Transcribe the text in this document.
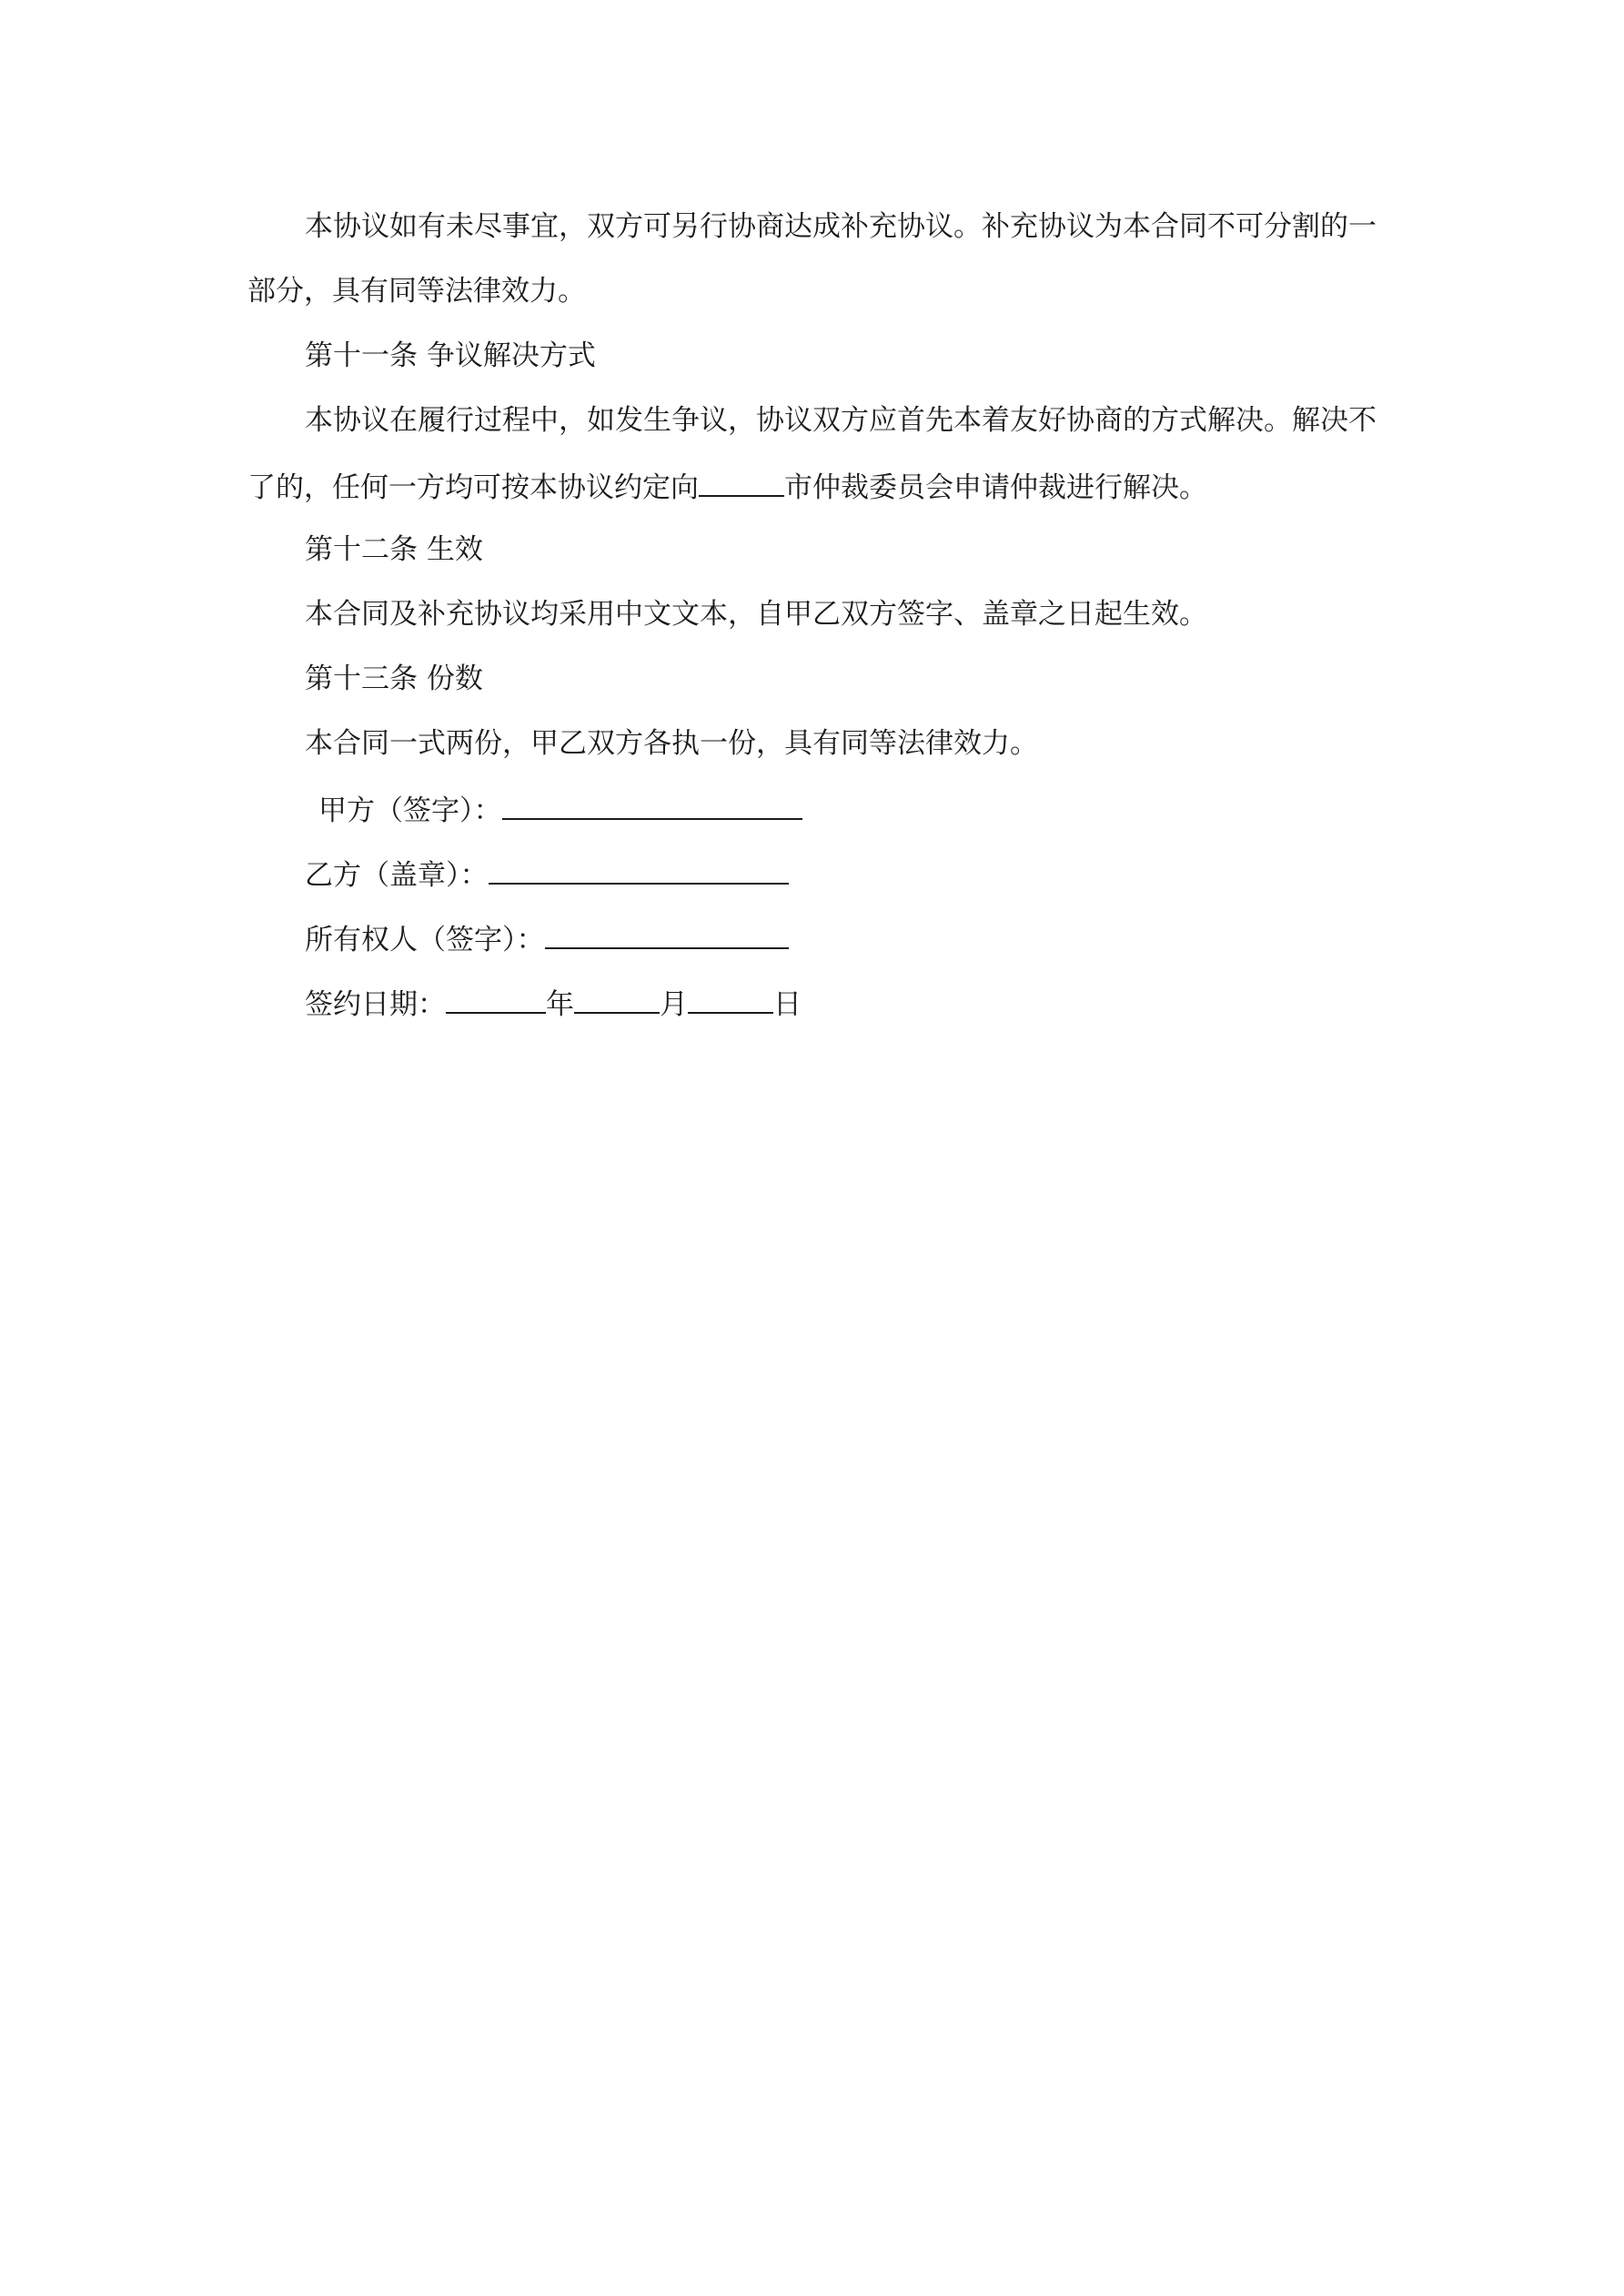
本协议如有未尽事宜，双方可另行协商达成补充协议。补充协议为本合同不可分割的一
部分，具有同等法律效力。
第十一条 争议解决方式
本协议在履行过程中，如发生争议，协议双方应首先本着友好协商的方式解决。解决不
了的，任何一方均可按本协议约定向	市仲裁委员会申请仲裁进行解决。
第十二条 生效
本合同及补充协议均采用中文文本，自甲乙双方签字、盖章之日起生效。
第十三条 份数
本合同一式两份，甲乙双方各执一份，具有同等法律效力。
甲方（签字）：
乙方（盖章）：
所有权人（签字）：
签约日期：	年	月	日
